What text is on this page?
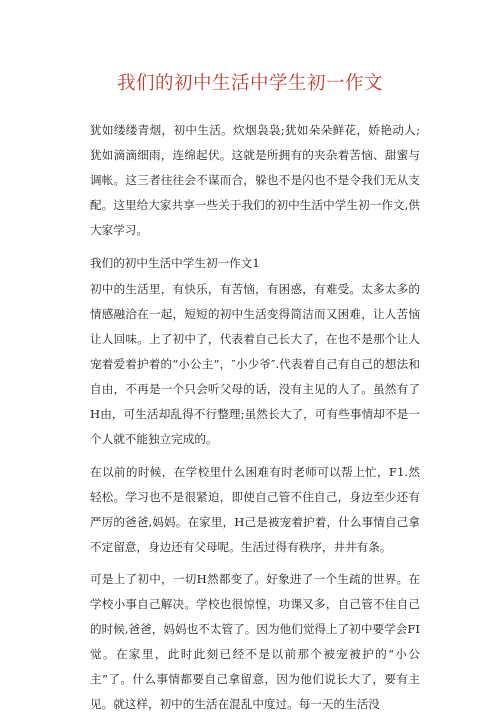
我们的初中生活中学生初一作文

犹如缕缕青烟，初中生活。炊烟袅袅;犹如朵朵鲜花，娇艳动人;犹如滴滴细雨，连绵起伏。这就是所拥有的夹杂着苦恼、甜蜜与调帐。这三者往往会不谋而合，躲也不是闪也不是令我们无从支配。这里给大家共享一些关于我们的初中生活中学生初一作文,供大家学习。

我们的初中生活中学生初一作文1

初中的生活里，有快乐，有苦恼，有困惑，有难受。太多太多的情感融洽在一起，短短的初中生活变得简洁而又困难，让人苦恼让人回味。上了初中了，代表着自己长大了，在也不是那个让人宠着爱着护着的“小公主”，″小少爷″.代表着自己有自己的想法和自由，不再是一个只会听父母的话，没有主见的人了。虽然有了H由，可生活却乱得不行整理;虽然长大了，可有些事情却不是一个人就不能独立完成的。

在以前的时候，在学校里什么困难有时老师可以帮上忙，F1.然轻松。学习也不是很紧迫，即使自己管不住自己，身边至少还有严厉的爸爸,妈妈。在家里，H己是被宠着护着，什么事情自己拿不定留意，身边还有父母呢。生活过得有秩序，井井有条。

可是上了初中，一切H然都变了。好象进了一个生疏的世界。在学校小事自己解决。学校也很惊惶，功课又多，自己管不住自己的时候,爸爸，妈妈也不太管了。因为他们觉得上了初中要学会FI觉。在家里，此时此刻已经不是以前那个被宠被护的“小公主”了。什么事情都要自己拿留意，因为他们说长大了，要有主见。就这样，初中的生活在混乱中度过。每一天的生活没
